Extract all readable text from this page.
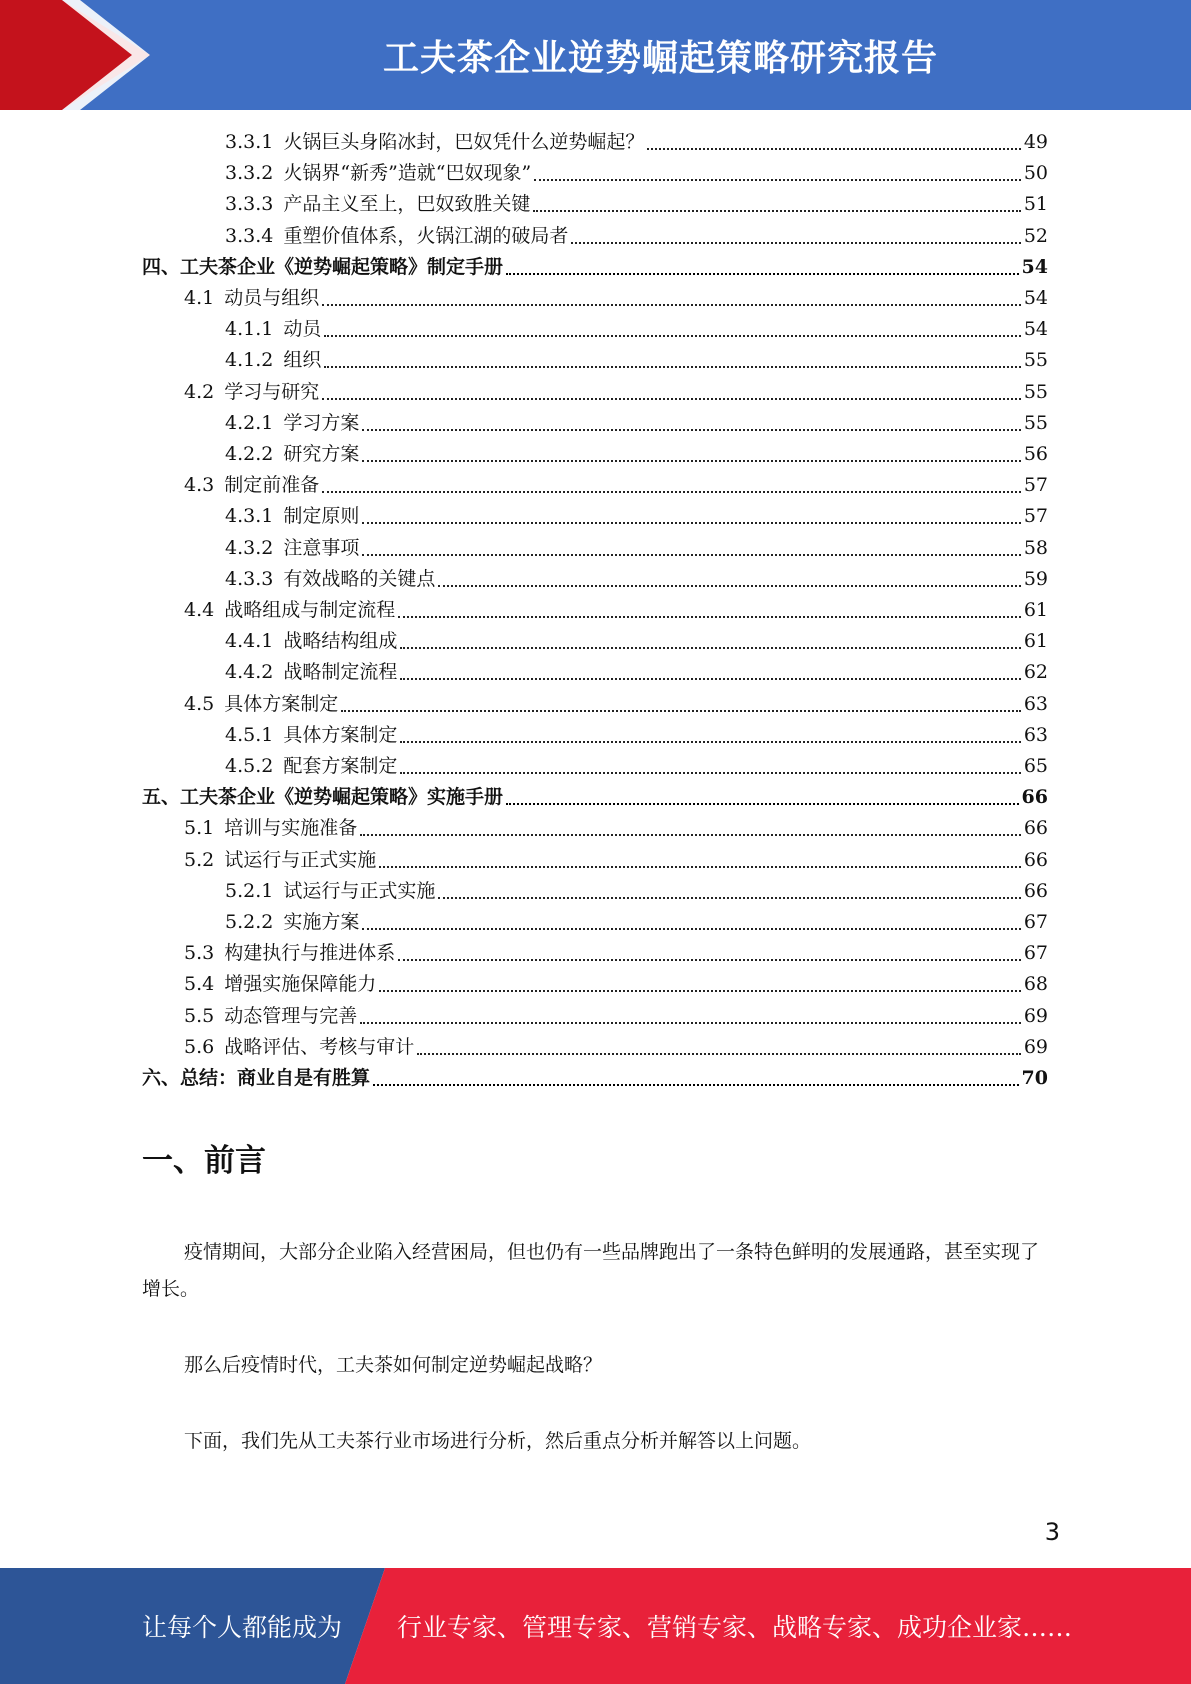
工夫茶企业逆势崛起策略研究报告
3.3.1 火锅巨头身陷冰封，巴奴凭什么逆势崛起？	49
3.3.2 火锅界“新秀”造就“巴奴现象”	50
3.3.3 产品主义至上，巴奴致胜关键	51
3.3.4 重塑价值体系，火锅江湖的破局者	52
四、 工夫茶企业《逆势崛起策略》制定手册	54
4.1 动员与组织	54
4.1.1 动员	54
4.1.2 组织	55
4.2 学习与研究	55
4.2.1 学习方案	55
4.2.2 研究方案	56
4.3 制定前准备	57
4.3.1 制定原则	57
4.3.2 注意事项	58
4.3.3 有效战略的关键点	59
4.4 战略组成与制定流程	61
4.4.1 战略结构组成	61
4.4.2 战略制定流程	62
4.5 具体方案制定	63
4.5.1 具体方案制定	63
4.5.2 配套方案制定	65
五、 工夫茶企业《逆势崛起策略》实施手册	66
5.1 培训与实施准备	66
5.2 试运行与正式实施	66
5.2.1 试运行与正式实施	66
5.2.2 实施方案	67
5.3 构建执行与推进体系	67
5.4 增强实施保障能力	68
5.5 动态管理与完善	69
5.6 战略评估、考核与审计	69
六、 总结：商业自是有胜算	70
一、前言
疫情期间，大部分企业陷入经营困局，但也仍有一些品牌跑出了一条特色鲜明的发展通路，甚至实现了增长。
那么后疫情时代，工夫茶如何制定逆势崛起战略？
下面，我们先从工夫茶行业市场进行分析，然后重点分析并解答以上问题。
3
让每个人都能成为 行业专家、管理专家、营销专家、战略专家、成功企业家……
